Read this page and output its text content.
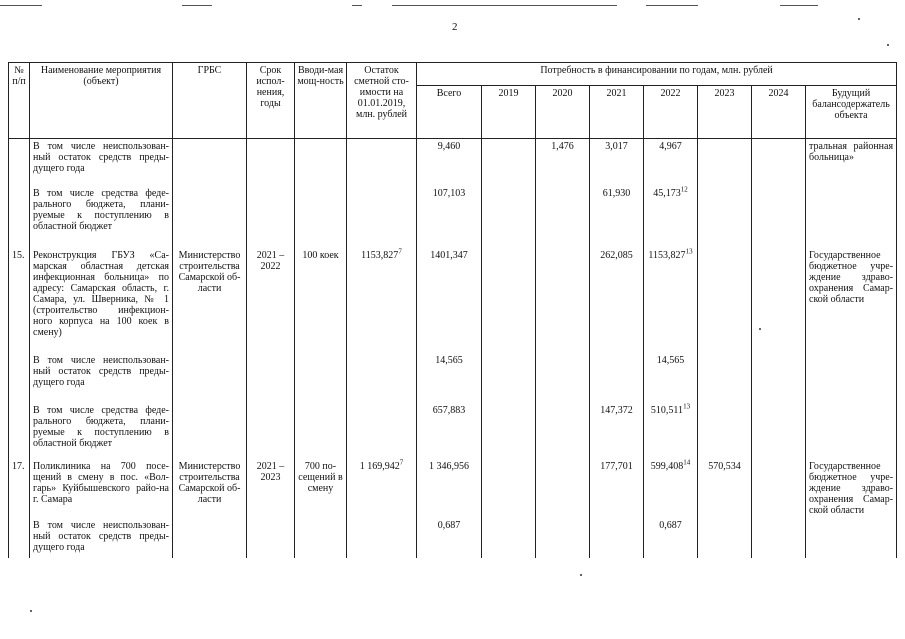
2
№ п/п	Наименование мероприятия (объект)	ГРБС	Срок испол-нения, годы	Вводи-мая мощ-ность	Остаток сметной сто-имости на 01.01.2019, млн. рублей	Потребность в финансировании по годам, млн. рублей							
						Всего	2019	2020	2021	2022	2023	2024	Будущий балансодержатель объекта
	В том числе неиспользован-ный остаток средств преды-дущего года					9,460		1,476	3,017	4,967			тральная районная больница»
	В том числе средства феде-рального бюджета, плани-руемые к поступлению в областной бюджет					107,103			61,930	45,173$^{12}$			
15.	Реконструкция ГБУЗ «Са-марская областная детская инфекционная больница» по адресу: Самарская область, г. Самара, ул. Шверника, № 1 (строительство инфекцион-ного корпуса на 100 коек в смену)	Министерство строительства Самарской об-ласти	2021 – 2022	100 коек	1153,827$^7$	1401,347			262,085	1153,827$^{13}$			Государственное бюджетное учре-ждение здраво-охранения Самар-ской области
	В том числе неиспользован-ный остаток средств преды-дущего года					14,565				14,565			
	В том числе средства феде-рального бюджета, плани-руемые к поступлению в областной бюджет					657,883			147,372	510,511$^{13}$			
17.	Поликлиника на 700 посе-щений в смену в пос. «Вол-гарь» Куйбышевского райо-на г. Самара	Министерство строительства Самарской об-ласти	2021 – 2023	700 по-сещений в смену	1 169,942$^7$	1 346,956			177,701	599,408$^{14}$	570,534		Государственное бюджетное учре-ждение здраво-охранения Самар-ской области
	В том числе неиспользован-ный остаток средств преды-дущего года					0,687				0,687			
